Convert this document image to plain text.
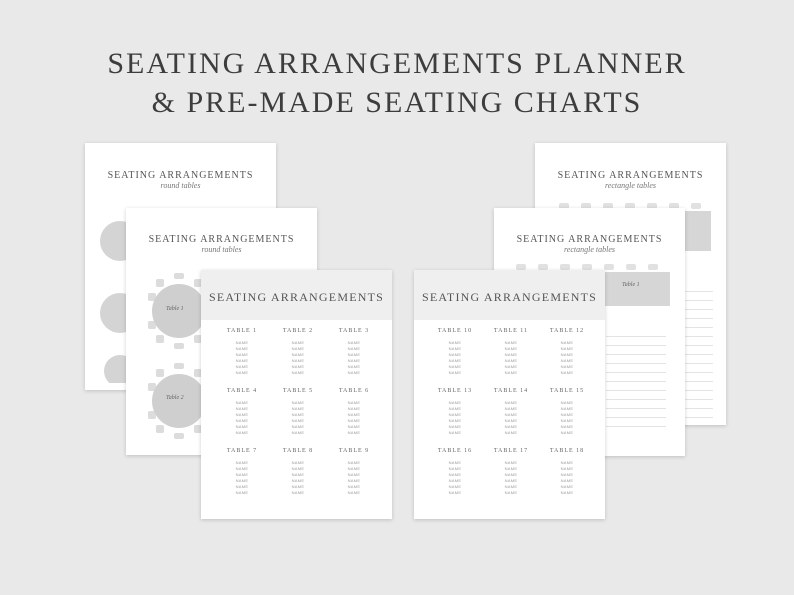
SEATING ARRANGEMENTS PLANNER
& PRE-MADE SEATING CHARTS
SEATING ARRANGEMENTS
round tables
SEATING ARRANGEMENTS
round tables
Table 1
Table 2
SEATING ARRANGEMENTS
rectangle tables
SEATING ARRANGEMENTS
rectangle tables
Table 1
SEATING ARRANGEMENTS
TABLE 1
NAME
NAME
NAME
NAME
NAME
NAME
TABLE 2
NAME
NAME
NAME
NAME
NAME
NAME
TABLE 3
NAME
NAME
NAME
NAME
NAME
NAME
TABLE 4
NAME
NAME
NAME
NAME
NAME
NAME
TABLE 5
NAME
NAME
NAME
NAME
NAME
NAME
TABLE 6
NAME
NAME
NAME
NAME
NAME
NAME
TABLE 7
NAME
NAME
NAME
NAME
NAME
NAME
TABLE 8
NAME
NAME
NAME
NAME
NAME
NAME
TABLE 9
NAME
NAME
NAME
NAME
NAME
NAME
SEATING ARRANGEMENTS
TABLE 10
NAME
NAME
NAME
NAME
NAME
NAME
TABLE 11
NAME
NAME
NAME
NAME
NAME
NAME
TABLE 12
NAME
NAME
NAME
NAME
NAME
NAME
TABLE 13
NAME
NAME
NAME
NAME
NAME
NAME
TABLE 14
NAME
NAME
NAME
NAME
NAME
NAME
TABLE 15
NAME
NAME
NAME
NAME
NAME
NAME
TABLE 16
NAME
NAME
NAME
NAME
NAME
NAME
TABLE 17
NAME
NAME
NAME
NAME
NAME
NAME
TABLE 18
NAME
NAME
NAME
NAME
NAME
NAME
